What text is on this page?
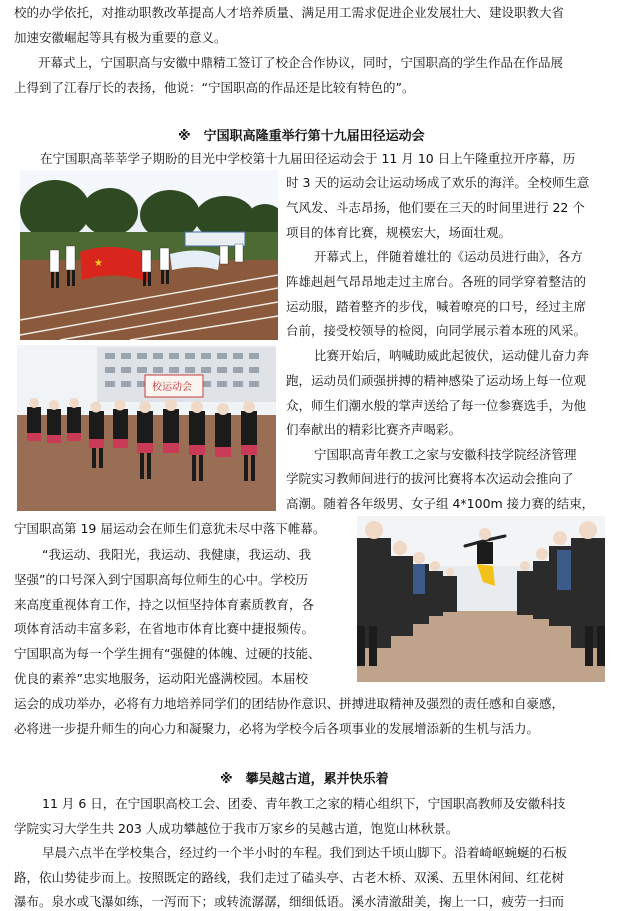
校的办学依托，对推动职教改革提高人才培养质量、满足用工需求促进企业发展壮大、建设职教大省
加速安徽崛起等具有极为重要的意义。
开幕式上，宁国职高与安徽中鼎精工签订了校企合作协议，同时，宁国职高的学生作品在作品展
上得到了江春厅长的表扬，他说：“宁国职高的作品还是比较有特色的”。
※　宁国职高隆重举行第十九届田径运动会
在宁国职高莘莘学子期盼的目光中学校第十九届田径运动会于 11 月 10 日上午隆重拉开序幕，历
时 3 天的运动会让运动场成了欢乐的海洋。全校师生意
气风发、斗志昂扬，他们要在三天的时间里进行 22 个
项目的体育比赛，规模宏大，场面壮观。
开幕式上，伴随着雄壮的《运动员进行曲》，各方
阵雄赳赳气昂昂地走过主席台。各班的同学穿着整洁的
运动服，踏着整齐的步伐，喊着嘹亮的口号，经过主席
台前，接受校领导的检阅，向同学展示着本班的风采。
比赛开始后，呐喊助威此起彼伏，运动健儿奋力奔
跑，运动员们顽强拼搏的精神感染了运动场上每一位观
众，师生们潮水般的掌声送给了每一位参赛选手，为他
们奉献出的精彩比赛齐声喝彩。
宁国职高青年教工之家与安徽科技学院经济管理
学院实习教师间进行的拔河比赛将本次运动会推向了
高潮。随着各年级男、女子组 4*100m 接力赛的结束，
宁国职高第 19 届运动会在师生们意犹未尽中落下帷幕。
“我运动、我阳光，我运动、我健康，我运动、我
坚强”的口号深入到宁国职高每位师生的心中。学校历
来高度重视体育工作，持之以恒坚持体育素质教育，各
项体育活动丰富多彩，在省地市体育比赛中捷报频传。
宁国职高为每一个学生拥有“强健的体魄、过硬的技能、
优良的素养”忠实地服务，运动阳光盛满校园。本届校
运会的成功举办，必将有力地培养同学们的团结协作意识、拼搏进取精神及强烈的责任感和自豪感，
必将进一步提升师生的向心力和凝聚力，必将为学校今后各项事业的发展增添新的生机与活力。
※　攀吴越古道，累并快乐着
11 月 6 日，在宁国职高校工会、团委、青年教工之家的精心组织下，宁国职高教师及安徽科技
学院实习大学生共 203 人成功攀越位于我市万家乡的吴越古道，饱览山林秋景。
早晨六点半在学校集合，经过约一个半小时的车程。我们到达千顷山脚下。沿着崎岖蜿蜒的石板
路，依山势徒步而上。按照既定的路线，我们走过了磕头亭、古老木桥、双溪、五里休闲间、红花树
瀑布。泉水或飞瀑如练，一泻而下；或转流潺潺，细细低语。溪水清澈甜美，掬上一口，疲劳一扫而
★
校运动会
